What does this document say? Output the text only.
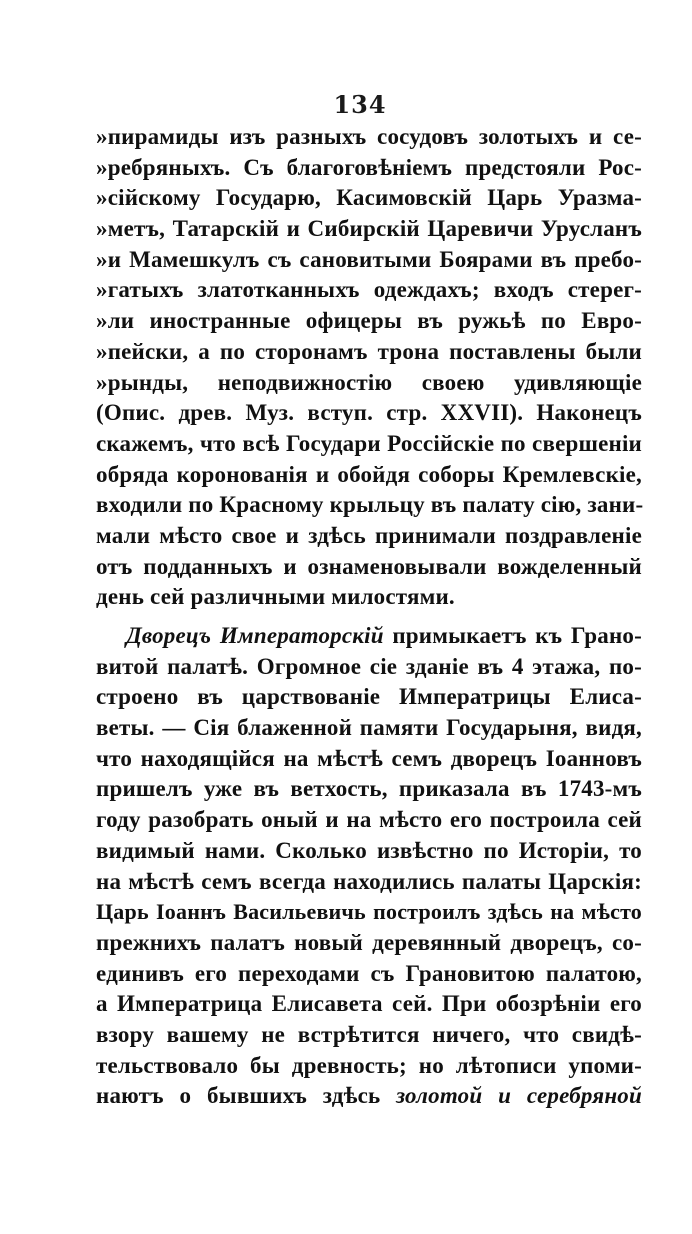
134
»пирамиды изъ разныхъ сосудовъ золотыхъ и се-
»ребряныхъ. Съ благоговѣніемъ предстояли Рос-
»сійскому Государю, Касимовскій Царь Уразма-
»метъ, Татарскій и Сибирскій Царевичи Урусланъ
»и Мамешкулъ съ сановитыми Боярами въ пребо-
»гатыхъ златотканныхъ одеждахъ; входъ стерег-
»ли иностранные офицеры въ ружьѣ по Евро-
»пейски, а по сторонамъ трона поставлены были
»рынды, неподвижностію своею удивляющіе
(Опис. древ. Муз. вступ. стр. XXVII). Наконецъ
скажемъ, что всѣ Государи Россійскіе по свершеніи
обряда коронованія и обойдя соборы Кремлевскіе,
входили по Красному крыльцу въ палату сію, зани-
мали мѣсто свое и здѣсь принимали поздравленіе
отъ подданныхъ и ознаменовывали вожделенный
день сей различными милостями.
Дворецъ Императорскій примыкаетъ къ Грано-
витой палатѣ. Огромное сіе зданіе въ 4 этажа, по-
строено въ царствованіе Императрицы Елиса-
веты. — Сія блаженной памяти Государыня, видя,
что находящійся на мѣстѣ семъ дворецъ Іоанновъ
пришелъ уже въ ветхость, приказала въ 1743-мъ
году разобрать оный и на мѣсто его построила сей
видимый нами. Сколько извѣстно по Исторіи, то
на мѣстѣ семъ всегда находились палаты Царскія:
Царь Іоаннъ Васильевичь построилъ здѣсь на мѣсто
прежнихъ палатъ новый деревянный дворецъ, со-
единивъ его переходами съ Грановитою палатою,
а Императрица Елисавета сей. При обозрѣніи его
взору вашему не встрѣтится ничего, что свидѣ-
тельствовало бы древность; но лѣтописи упоми-
наютъ о бывшихъ здѣсь золотой и серебряной
